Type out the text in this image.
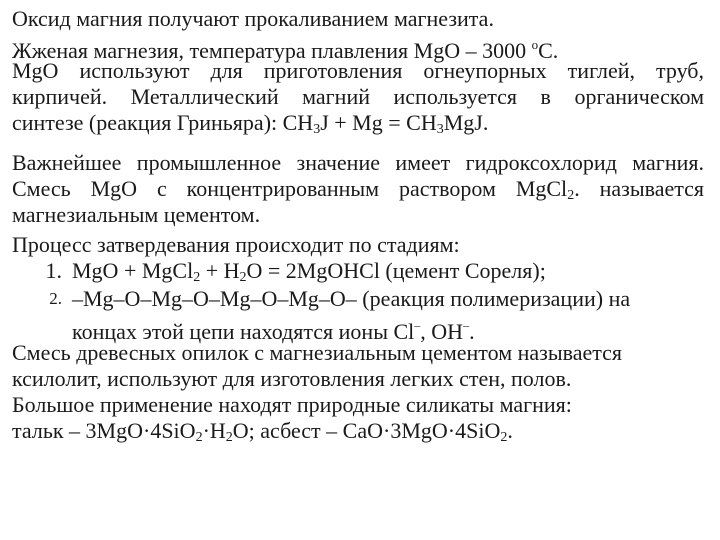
Оксид магния получают прокаливанием магнезита.
Жженая магнезия, температура плавления MgO – 3000 $^o$C.
MgO используют для приготовления огнеупорных тиглей, труб,
кирпичей. Металлический магний используется в органическом
синтезе (реакция Гриньяра): $CH_3J + Mg = CH_3MgJ$.
Важнейшее промышленное значение имеет гидроксохлорид магния.
Смесь MgO с концентрированным раствором MgCl$_2$. называется
магнезиальным цементом.
Процесс затвердевания происходит по стадиям:
1. MgO + MgCl$_2$ + $H_2O$ = 2MgOHCl (цемент Сореля);
2. –Mg–O–Mg–O–Mg–O–Mg–O– (реакция полимеризации) на
концах этой цепи находятся ионы Cl–, OH–.
Смесь древесных опилок с магнезиальным цементом называется
ксилолит, используют для изготовления легких стен, полов.
Большое применение находят природные силикаты магния:
тальк – $3MgO\cdot 4SiO_2\cdot H_2O$; асбест – CaO·3MgO·4SiO$_2$.
